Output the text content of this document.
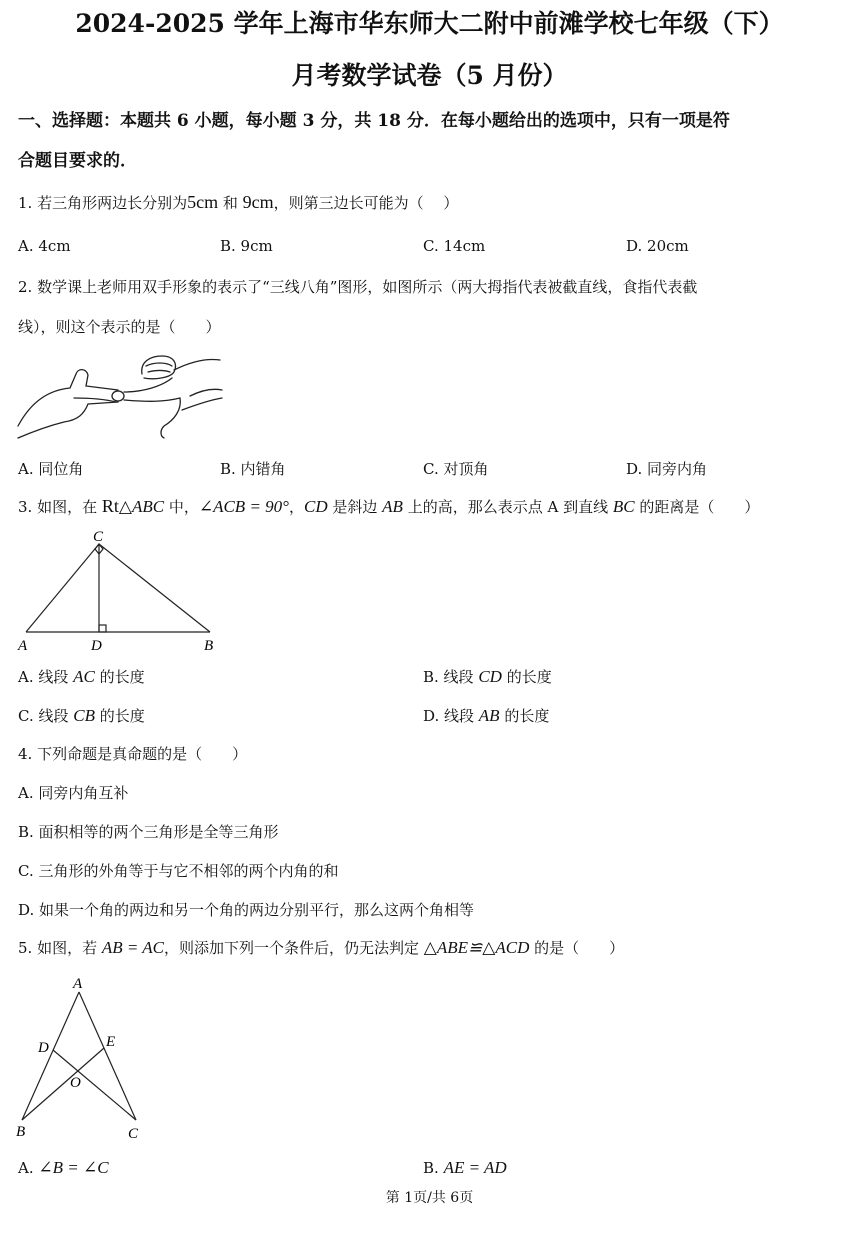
2024-2025 学年上海市华东师大二附中前滩学校七年级（下）
月考数学试卷（5 月份）
一、选择题：本题共 6 小题，每小题 3 分，共 18 分．在每小题给出的选项中，只有一项是符
合题目要求的．
1. 若三角形两边长分别为5cm 和 9cm，则第三边长可能为（　 ）
A. 4cm	B. 9cm	C. 14cm	D. 20cm
2. 数学课上老师用双手形象的表示了“三线八角”图形，如图所示（两大拇指代表被截直线，食指代表截
线），则这个表示的是（　　）
A. 同位角	B. 内错角	C. 对顶角	D. 同旁内角
3. 如图，在 Rt△ABC 中，∠ACB = 90°，CD 是斜边 AB 上的高，那么表示点 A 到直线 BC 的距离是（　　）
C
A	D	B
A. 线段 AC 的长度	B. 线段 CD 的长度
C. 线段 CB 的长度	D. 线段 AB 的长度
4. 下列命题是真命题的是（　　）
A. 同旁内角互补
B. 面积相等的两个三角形是全等三角形
C. 三角形的外角等于与它不相邻的两个内角的和
D. 如果一个角的两边和另一个角的两边分别平行，那么这两个角相等
5. 如图，若 AB = AC，则添加下列一个条件后，仍无法判定 △ABE≌△ACD 的是（　　）
A
D	E
O
B	C
A. ∠B = ∠C	B. AE = AD
第 1页/共 6页
